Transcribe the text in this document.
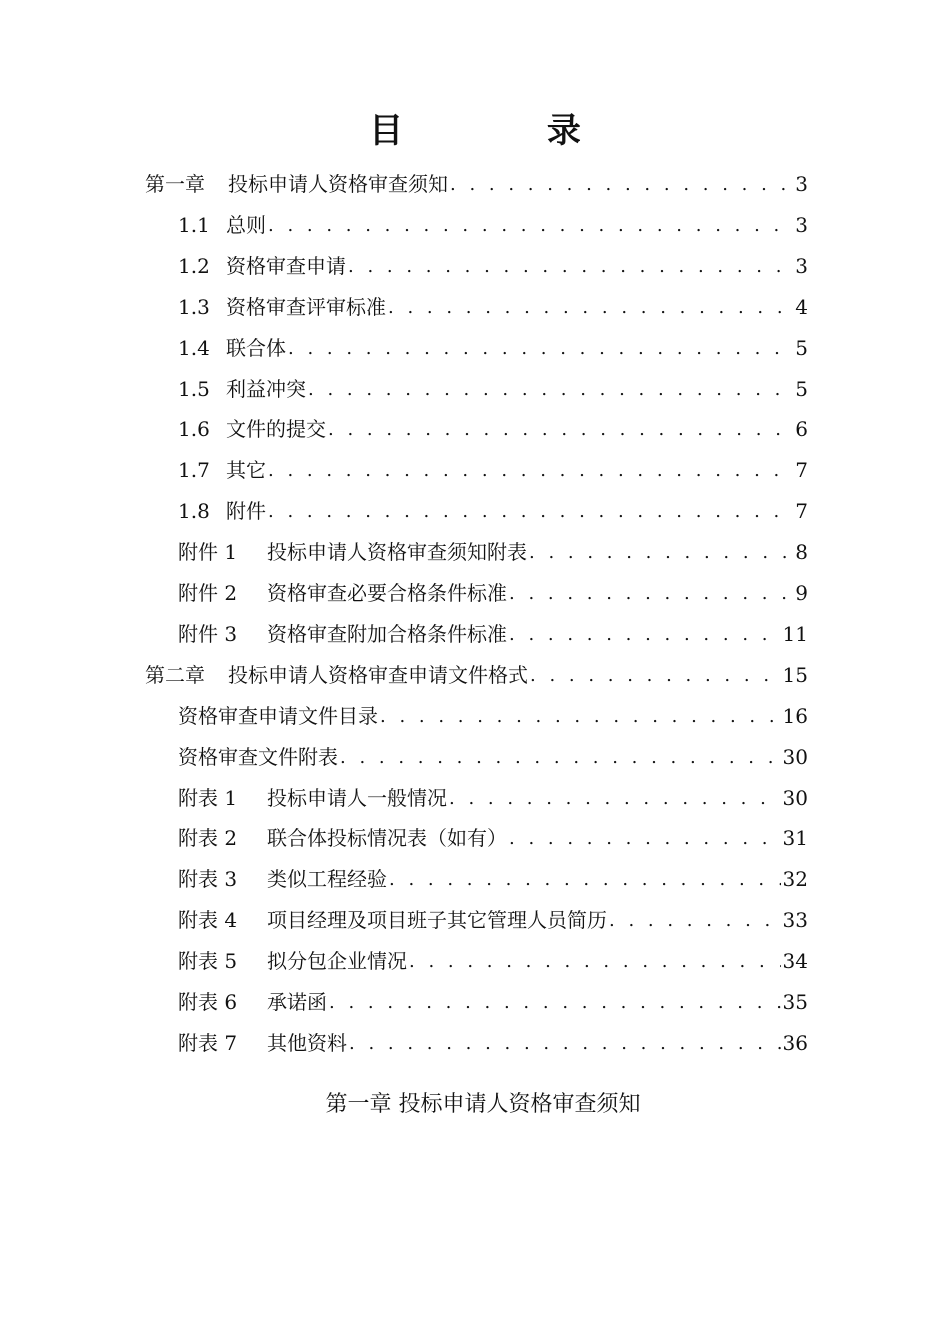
目 录
第一章	投标申请人资格审查须知 . . .	3
1.1 总则 . . .	3
1.2 资格审查申请 . . .	3
1.3 资格审查评审标准 . . .	4
1.4 联合体 . . .	5
1.5 利益冲突 . . .	5
1.6 文件的提交 . . .	6
1.7 其它 . . .	7
1.8 附件 . . .	7
附件 1	投标申请人资格审查须知附表 . . .	8
附件 2	资格审查必要合格条件标准 . . .	9
附件 3	资格审查附加合格条件标准 . . .	11
第二章	投标申请人资格审查申请文件格式 . . .	15
资格审查申请文件目录 . . .	16
资格审查文件附表 . . .	30
附表 1	投标申请人一般情况 . . .	30
附表 2	联合体投标情况表（如有） . . .	31
附表 3	类似工程经验 . . .	32
附表 4	项目经理及项目班子其它管理人员简历 . . .	33
附表 5	拟分包企业情况 . . .	34
附表 6	承诺函 . . .	35
附表 7	其他资料 . . .	36
第一章 投标申请人资格审查须知
